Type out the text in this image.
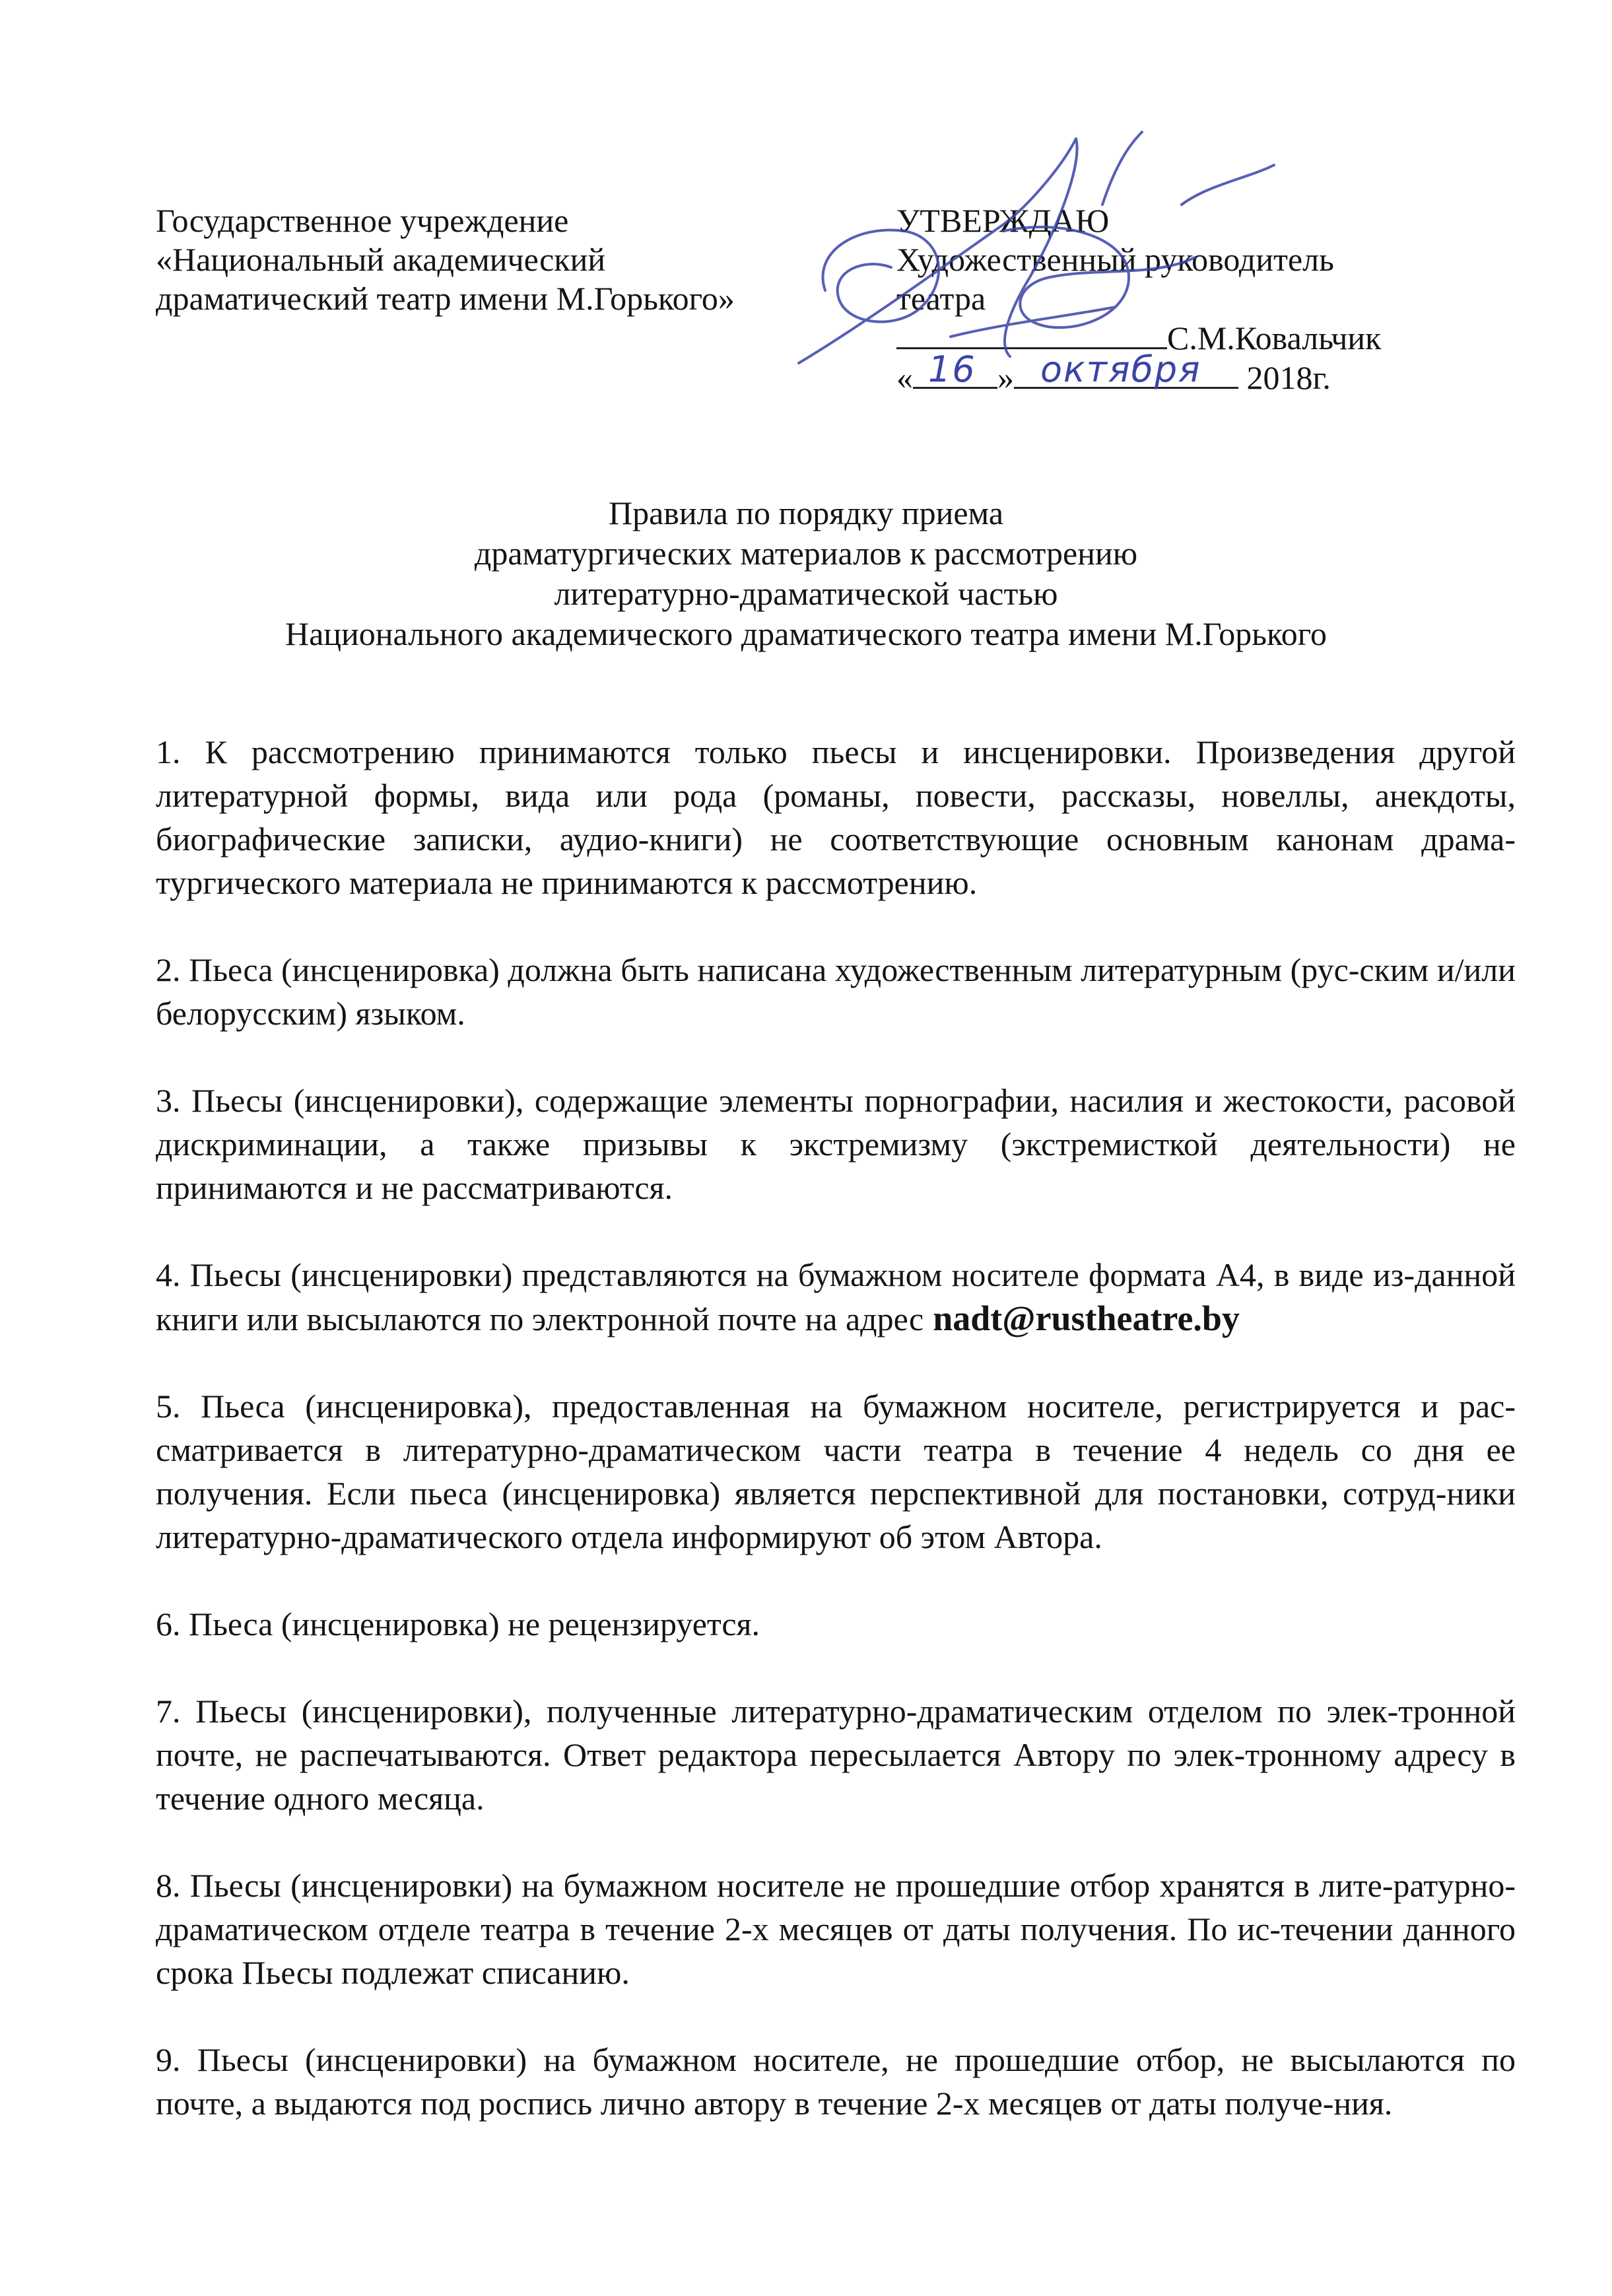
Государственное учреждение
«Национальный академический
драматический театр имени М.Горького»
УТВЕРЖДАЮ
Художественный руководитель
театра
С.М.Ковальчик
«	»	2018г.
16 октября
Правила по порядку приема
драматургических материалов к рассмотрению
литературно-драматической частью
Национального академического драматического театра имени М.Горького

1. К рассмотрению принимаются только пьесы и инсценировки. Произведения другой литературной формы, вида или рода (романы, повести, рассказы, новеллы, анекдоты, биографические записки, аудио-книги) не соответствующие основным канонам драма-тургического материала не принимаются к рассмотрению.

2. Пьеса (инсценировка) должна быть написана художественным литературным (рус-ским и/или белорусским) языком.

3. Пьесы (инсценировки), содержащие элементы порнографии, насилия и жестокости, расовой дискриминации, а также призывы к экстремизму (экстремисткой деятельности) не принимаются и не рассматриваются.

4. Пьесы (инсценировки) представляются на бумажном носителе формата А4, в виде из-данной книги или высылаются по электронной почте на адрес nadt@rustheatre.by

5. Пьеса (инсценировка), предоставленная на бумажном носителе, регистрируется и рас-сматривается в литературно-драматическом части театра в течение 4 недель со дня ее получения. Если пьеса (инсценировка) является перспективной для постановки, сотруд-ники литературно-драматического отдела информируют об этом Автора.

6. Пьеса (инсценировка) не рецензируется.

7. Пьесы (инсценировки), полученные литературно-драматическим отделом по элек-тронной почте, не распечатываются. Ответ редактора пересылается Автору по элек-тронному адресу в течение одного месяца.

8. Пьесы (инсценировки) на бумажном носителе не прошедшие отбор хранятся в лите-ратурно-драматическом отделе театра в течение 2-х месяцев от даты получения. По ис-течении данного срока Пьесы подлежат списанию.

9. Пьесы (инсценировки) на бумажном носителе, не прошедшие отбор, не высылаются по почте, а выдаются под роспись лично автору в течение 2-х месяцев от даты получе-ния.
